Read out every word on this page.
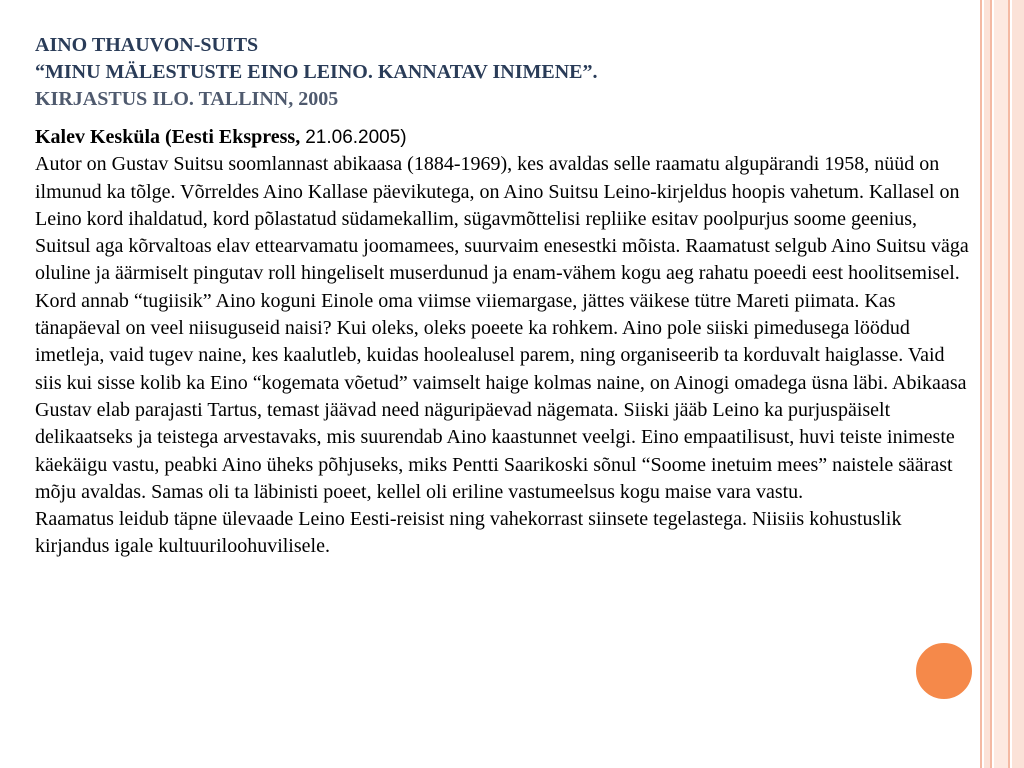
AINO THAUVON-SUITS
“MINU MÄLESTUSTE EINO LEINO. KANNATAV INIMENE”.
KIRJASTUS ILO. TALLINN, 2005

Kalev Kesküla (Eesti Ekspress, 21.06.2005)

Autor on Gustav Suitsu soomlannast abikaasa (1884-1969), kes avaldas selle raamatu algupärandi 1958, nüüd on ilmunud ka tõlge. Võrreldes Aino Kallase päevikutega, on Aino Suitsu Leino-kirjeldus hoopis vahetum. Kallasel on Leino kord ihaldatud, kord põlastatud südamekallim, sügavmõttelisi repliike esitav poolpurjus soome geenius, Suitsul aga kõrvaltoas elav ettearvamatu joomamees, suurvaim enesestki mõista. Raamatust selgub Aino Suitsu väga oluline ja äärmiselt pingutav roll hingeliselt muserdunud ja enam-vähem kogu aeg rahatu poeedi eest hoolitsemisel. Kord annab “tugiisik” Aino koguni Einole oma viimse viiemargase, jättes väikese tütre Mareti piimata. Kas tänapäeval on veel niisuguseid naisi? Kui oleks, oleks poeete ka rohkem. Aino pole siiski pimedusega löödud imetleja, vaid tugev naine, kes kaalutleb, kuidas hoolealusel parem, ning organiseerib ta korduvalt haiglasse. Vaid siis kui sisse kolib ka Eino “kogemata võetud” vaimselt haige kolmas naine, on Ainogi omadega üsna läbi. Abikaasa Gustav elab parajasti Tartus, temast jäävad need näguripäevad nägemata. Siiski jääb Leino ka purjuspäiselt delikaatseks ja teistega arvestavaks, mis suurendab Aino kaastunnet veelgi. Eino empaatilisust, huvi teiste inimeste käekäigu vastu, peabki Aino üheks põhjuseks, miks Pentti Saarikoski sõnul “Soome inetuim mees” naistele säärast mõju avaldas. Samas oli ta läbinisti poeet, kellel oli eriline vastumeelsus kogu maise vara vastu.

Raamatus leidub täpne ülevaade Leino Eesti-reisist ning vahekorrast siinsete tegelastega. Niisiis kohustuslik kirjandus igale kultuuriloohuvilisele.
